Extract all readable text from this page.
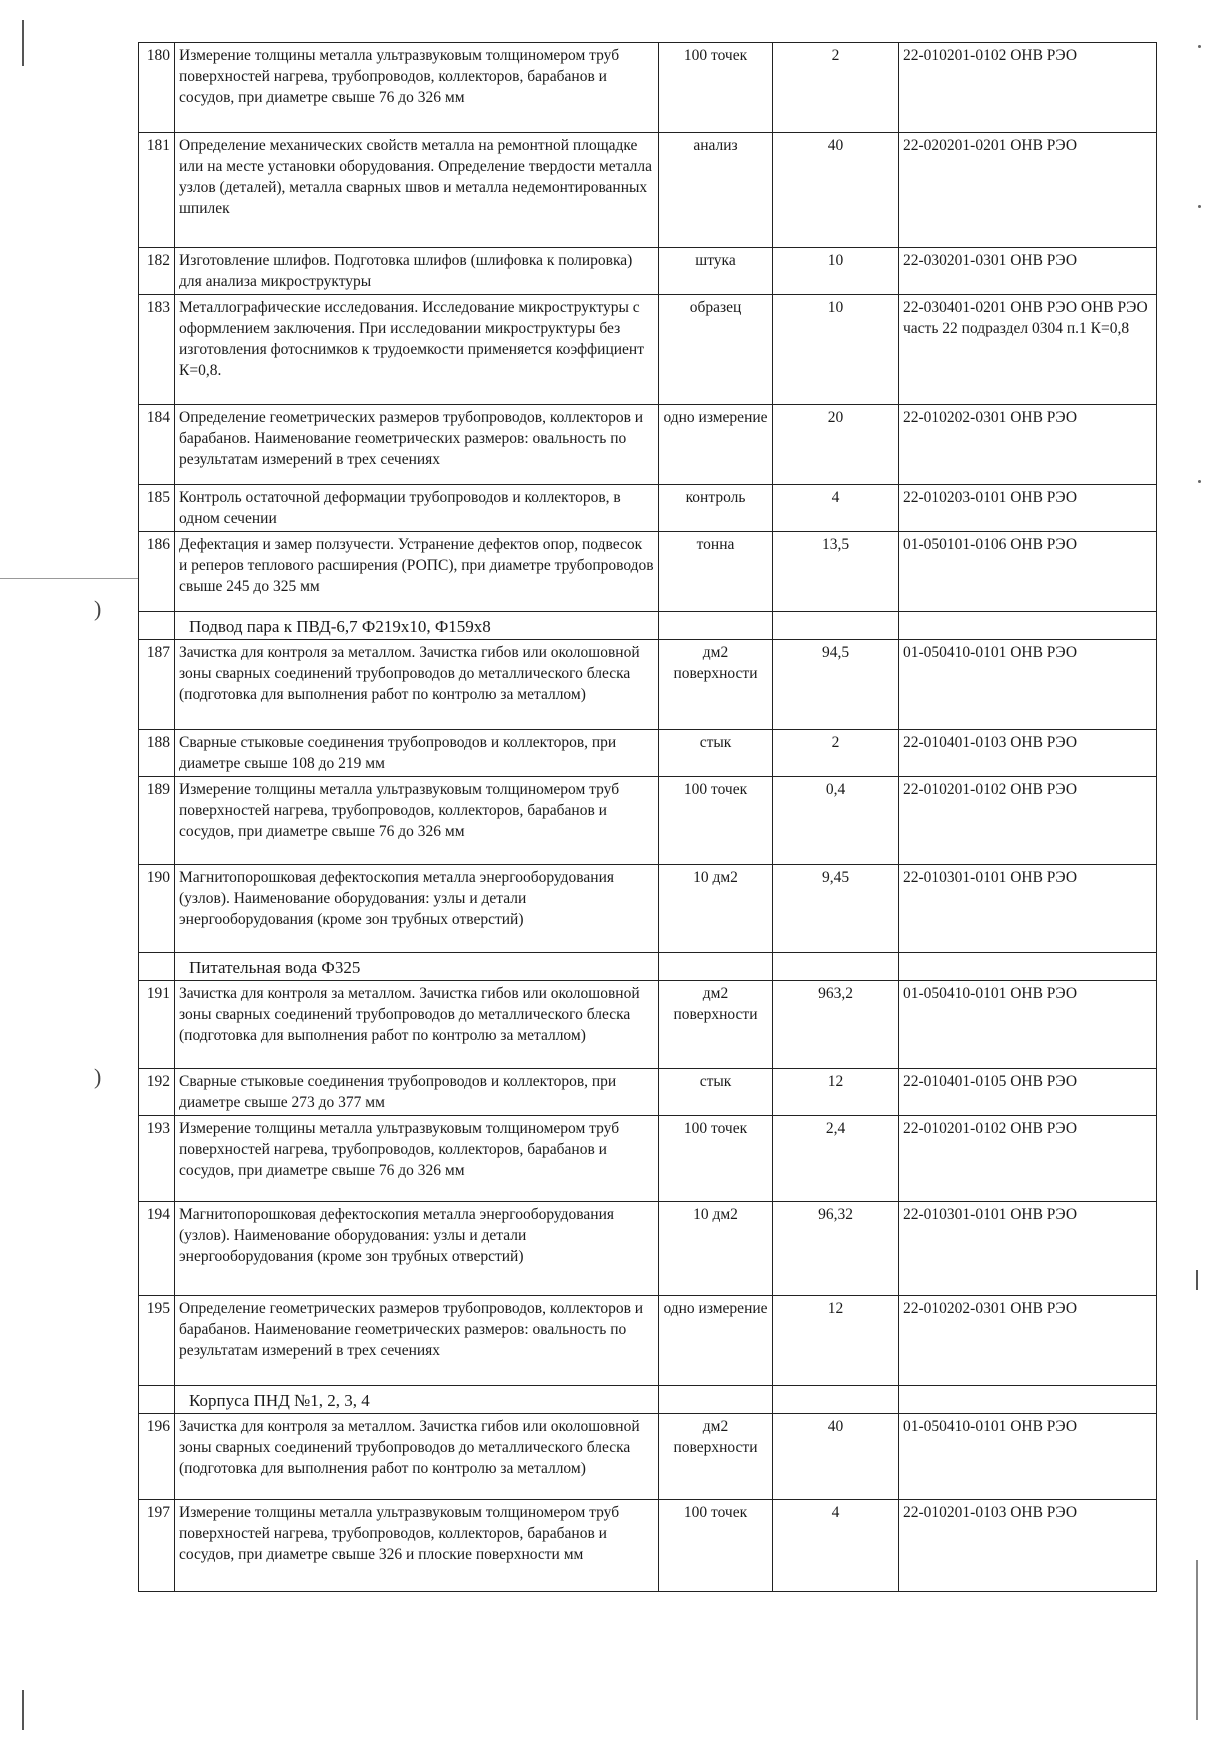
)
)
180	Измерение толщины металла ультразвуковым толщиномером труб поверхностей нагрева, трубопроводов, коллекторов, барабанов и сосудов, при диаметре свыше 76 до 326 мм	100 точек	2	22-010201-0102 ОНВ РЭО
181	Определение механических свойств металла на ремонтной площадке или на месте установки оборудования. Определение твердости металла узлов (деталей), металла сварных швов и металла недемонтированных шпилек	анализ	40	22-020201-0201 ОНВ РЭО
182	Изготовление шлифов. Подготовка шлифов (шлифовка к полировка) для анализа микроструктуры	штука	10	22-030201-0301 ОНВ РЭО
183	Металлографические исследования. Исследование микроструктуры с оформлением заключения. При исследовании микроструктуры без изготовления фотоснимков к трудоемкости применяется коэффициент К=0,8.	образец	10	22-030401-0201 ОНВ РЭО ОНВ РЭО часть 22 подраздел 0304 п.1 К=0,8
184	Определение геометрических размеров трубопроводов, коллекторов и барабанов. Наименование геометрических размеров: овальность по результатам измерений в трех сечениях	одно измерение	20	22-010202-0301 ОНВ РЭО
185	Контроль остаточной деформации трубопроводов и коллекторов, в одном сечении	контроль	4	22-010203-0101 ОНВ РЭО
186	Дефектация и замер ползучести. Устранение дефектов опор, подвесок и реперов теплового расширения (РОПС), при диаметре трубопроводов свыше 245 до 325 мм	тонна	13,5	01-050101-0106 ОНВ РЭО
	Подвод пара к ПВД-6,7 Ф219х10, Ф159х8			
187	Зачистка для контроля за металлом. Зачистка гибов или околошовной зоны сварных соединений трубопроводов до металлического блеска (подготовка для выполнения работ по контролю за металлом)	дм2 поверхности	94,5	01-050410-0101 ОНВ РЭО
188	Сварные стыковые соединения трубопроводов и коллекторов, при диаметре свыше 108 до 219 мм	стык	2	22-010401-0103 ОНВ РЭО
189	Измерение толщины металла ультразвуковым толщиномером труб поверхностей нагрева, трубопроводов, коллекторов, барабанов и сосудов, при диаметре свыше 76 до 326 мм	100 точек	0,4	22-010201-0102 ОНВ РЭО
190	Магнитопорошковая дефектоскопия металла энергооборудования (узлов). Наименование оборудования: узлы и детали энергооборудования (кроме зон трубных отверстий)	10 дм2	9,45	22-010301-0101 ОНВ РЭО
	Питательная вода Ф325			
191	Зачистка для контроля за металлом. Зачистка гибов или околошовной зоны сварных соединений трубопроводов до металлического блеска (подготовка для выполнения работ по контролю за металлом)	дм2 поверхности	963,2	01-050410-0101 ОНВ РЭО
192	Сварные стыковые соединения трубопроводов и коллекторов, при диаметре свыше 273 до 377 мм	стык	12	22-010401-0105 ОНВ РЭО
193	Измерение толщины металла ультразвуковым толщиномером труб поверхностей нагрева, трубопроводов, коллекторов, барабанов и сосудов, при диаметре свыше 76 до 326 мм	100 точек	2,4	22-010201-0102 ОНВ РЭО
194	Магнитопорошковая дефектоскопия металла энергооборудования (узлов). Наименование оборудования: узлы и детали энергооборудования (кроме зон трубных отверстий)	10 дм2	96,32	22-010301-0101 ОНВ РЭО
195	Определение геометрических размеров трубопроводов, коллекторов и барабанов. Наименование геометрических размеров: овальность по результатам измерений в трех сечениях	одно измерение	12	22-010202-0301 ОНВ РЭО
	Корпуса ПНД №1, 2, 3, 4			
196	Зачистка для контроля за металлом. Зачистка гибов или околошовной зоны сварных соединений трубопроводов до металлического блеска (подготовка для выполнения работ по контролю за металлом)	дм2 поверхности	40	01-050410-0101 ОНВ РЭО
197	Измерение толщины металла ультразвуковым толщиномером труб поверхностей нагрева, трубопроводов, коллекторов, барабанов и сосудов, при диаметре свыше 326 и плоские поверхности мм	100 точек	4	22-010201-0103 ОНВ РЭО
